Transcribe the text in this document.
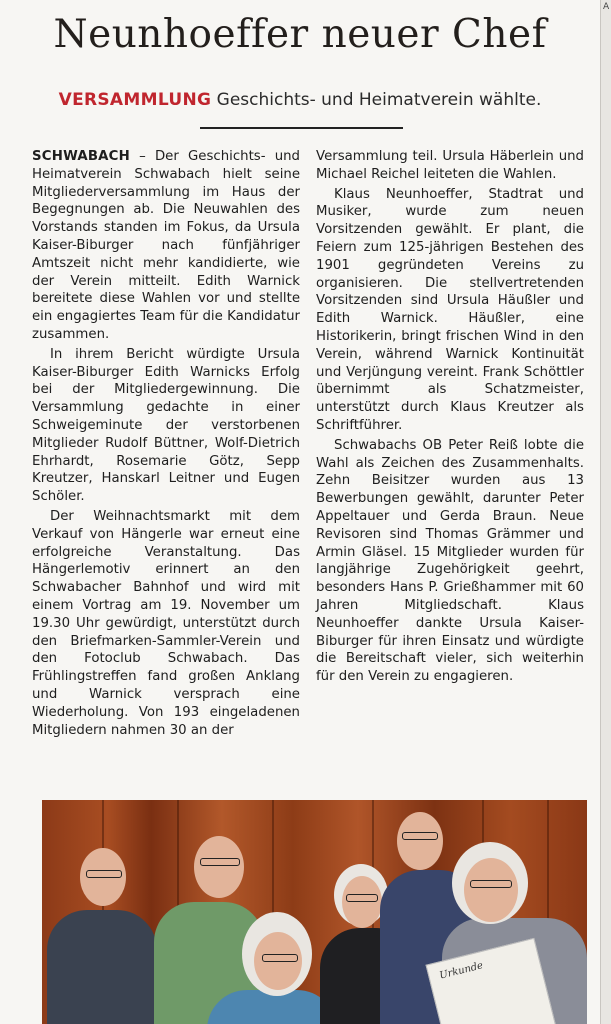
Neunhoeffer neuer Chef
VERSAMMLUNG Geschichts- und Heimatverein wählte.

SCHWABACH – Der Geschichts- und Heimatverein Schwabach hielt seine Mitgliederversammlung im Haus der Begegnungen ab. Die Neuwahlen des Vorstands standen im Fokus, da Ursula Kaiser-Biburger nach fünfjähriger Amtszeit nicht mehr kandidierte, wie der Verein mitteilt. Edith Warnick bereitete diese Wahlen vor und stellte ein engagiertes Team für die Kandidatur zusammen.

In ihrem Bericht würdigte Ursula Kaiser-Biburger Edith Warnicks Erfolg bei der Mitgliedergewinnung. Die Versammlung gedachte in einer Schweigeminute der verstorbenen Mitglieder Rudolf Büttner, Wolf-Dietrich Ehrhardt, Rosemarie Götz, Sepp Kreutzer, Hanskarl Leitner und Eugen Schöler.

Der Weihnachtsmarkt mit dem Verkauf von Hängerle war erneut eine erfolgreiche Veranstaltung. Das Hängerlemotiv erinnert an den Schwabacher Bahnhof und wird mit einem Vortrag am 19. November um 19.30 Uhr gewürdigt, unterstützt durch den Briefmarken-Sammler-Verein und den Fotoclub Schwabach. Das Frühlingstreffen fand großen Anklang und Warnick versprach eine Wiederholung. Von 193 eingeladenen Mitgliedern nahmen 30 an der

Versammlung teil. Ursula Häberlein und Michael Reichel leiteten die Wahlen.

Klaus Neunhoeffer, Stadtrat und Musiker, wurde zum neuen Vorsitzenden gewählt. Er plant, die Feiern zum 125-jährigen Bestehen des 1901 gegründeten Vereins zu organisieren. Die stellvertretenden Vorsitzenden sind Ursula Häußler und Edith Warnick. Häußler, eine Historikerin, bringt frischen Wind in den Verein, während Warnick Kontinuität und Verjüngung vereint. Frank Schöttler übernimmt als Schatzmeister, unterstützt durch Klaus Kreutzer als Schriftführer.

Schwabachs OB Peter Reiß lobte die Wahl als Zeichen des Zusammenhalts. Zehn Beisitzer wurden aus 13 Bewerbungen gewählt, darunter Peter Appeltauer und Gerda Braun. Neue Revisoren sind Thomas Grämmer und Armin Gläsel. 15 Mitglieder wurden für langjährige Zugehörigkeit geehrt, besonders Hans P. Grießhammer mit 60 Jahren Mitgliedschaft. Klaus Neunhoeffer dankte Ursula Kaiser-Biburger für ihren Einsatz und würdigte die Bereitschaft vieler, sich weiterhin für den Verein zu engagieren.

Urkunde
A
